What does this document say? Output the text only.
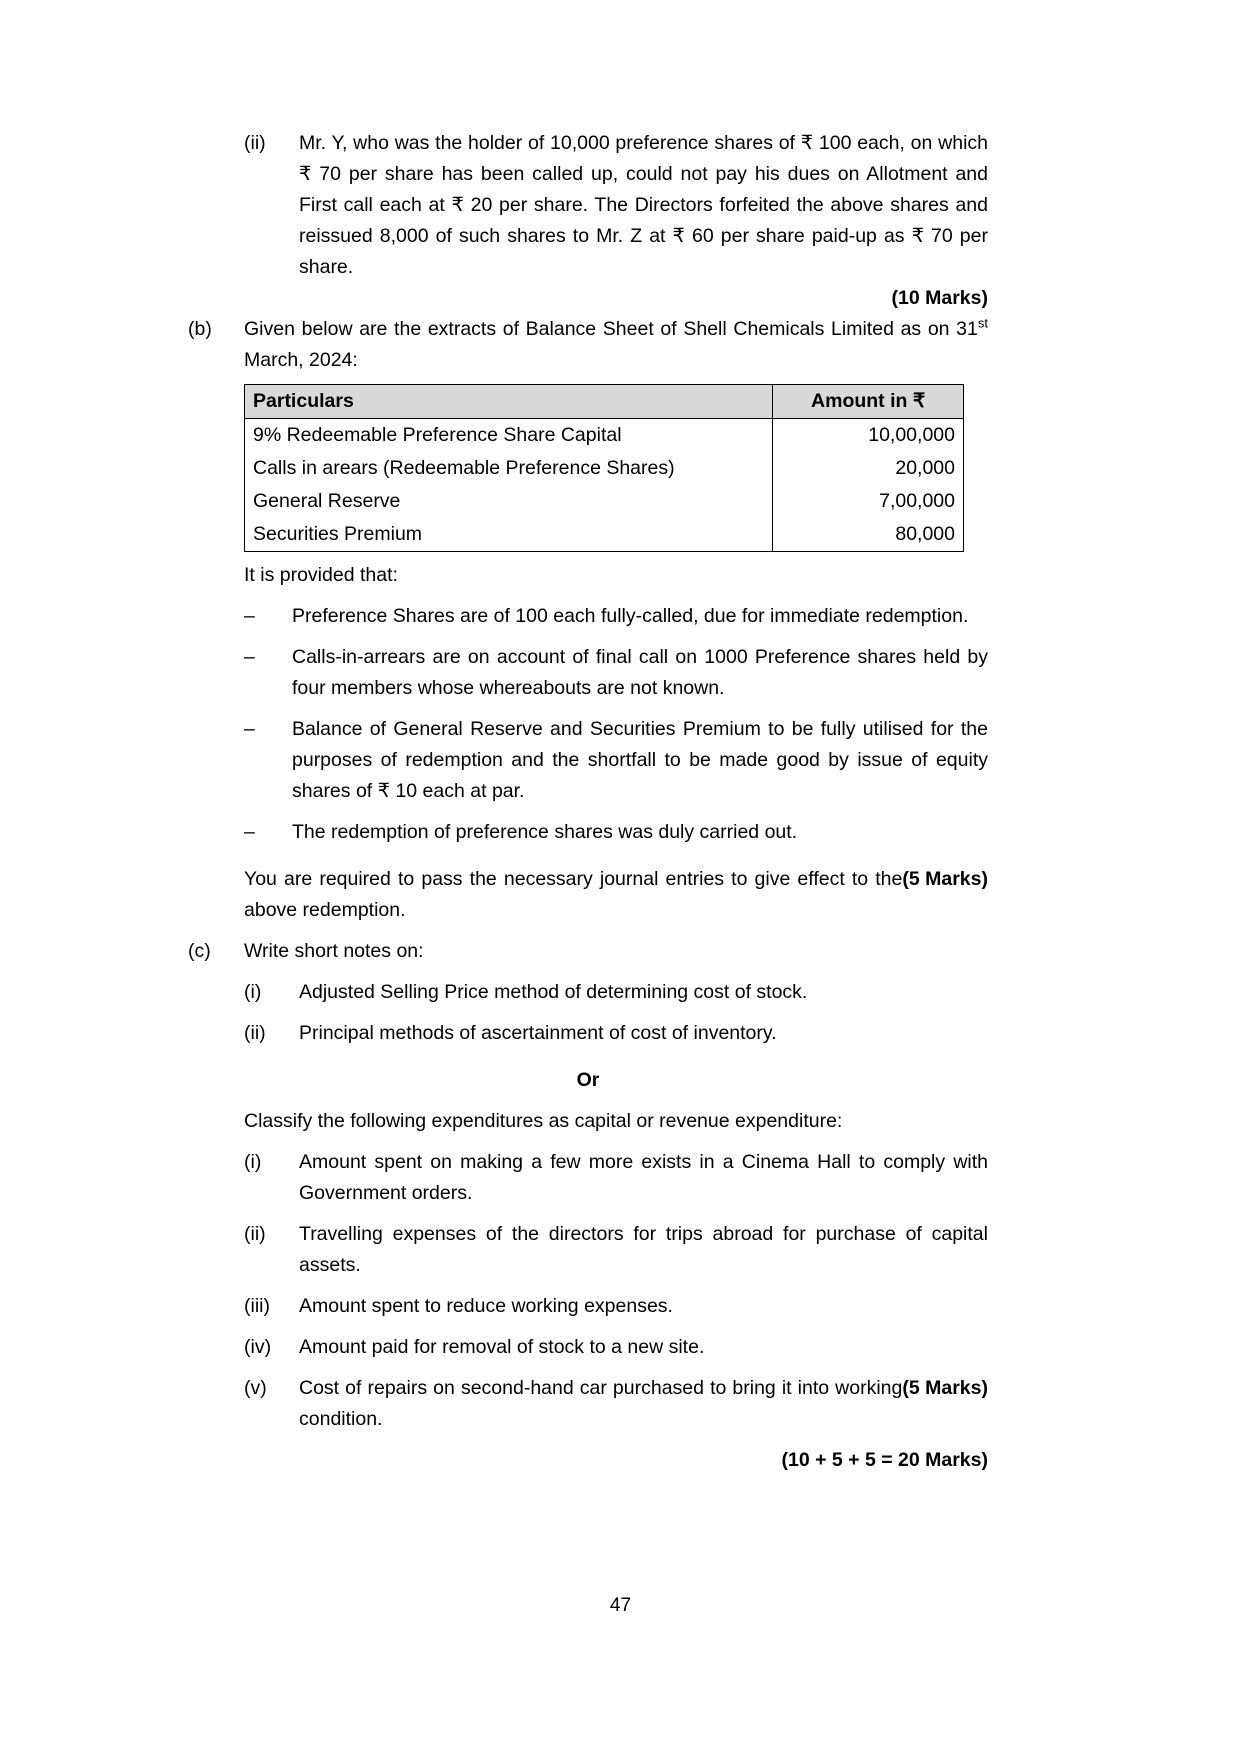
(ii)	Mr. Y, who was the holder of 10,000 preference shares of ₹ 100 each, on which ₹ 70 per share has been called up, could not pay his dues on Allotment and First call each at ₹ 20 per share. The Directors forfeited the above shares and reissued 8,000 of such shares to Mr. Z at ₹ 60 per share paid-up as ₹ 70 per share.
(10 Marks)
(b)	Given below are the extracts of Balance Sheet of Shell Chemicals Limited as on 31st March, 2024:
Particulars	Amount in ₹
9% Redeemable Preference Share Capital	10,00,000
Calls in arears (Redeemable Preference Shares)	20,000
General Reserve	7,00,000
Securities Premium	80,000
It is provided that:
–	Preference Shares are of 100 each fully-called, due for immediate redemption.
–	Calls-in-arrears are on account of final call on 1000 Preference shares held by four members whose whereabouts are not known.
–	Balance of General Reserve and Securities Premium to be fully utilised for the purposes of redemption and the shortfall to be made good by issue of equity shares of ₹ 10 each at par.
–	The redemption of preference shares was duly carried out.
(5 Marks)
You are required to pass the necessary journal entries to give effect to the above redemption.
(c)	Write short notes on:
(i)	Adjusted Selling Price method of determining cost of stock.
(ii)	Principal methods of ascertainment of cost of inventory.
Or
Classify the following expenditures as capital or revenue expenditure:
(i)	Amount spent on making a few more exists in a Cinema Hall to comply with Government orders.
(ii)	Travelling expenses of the directors for trips abroad for purchase of capital assets.
(iii)	Amount spent to reduce working expenses.
(iv)	Amount paid for removal of stock to a new site.
(v)	(5 Marks)
Cost of repairs on second-hand car purchased to bring it into working condition.
(10 + 5 + 5 = 20 Marks)
47
